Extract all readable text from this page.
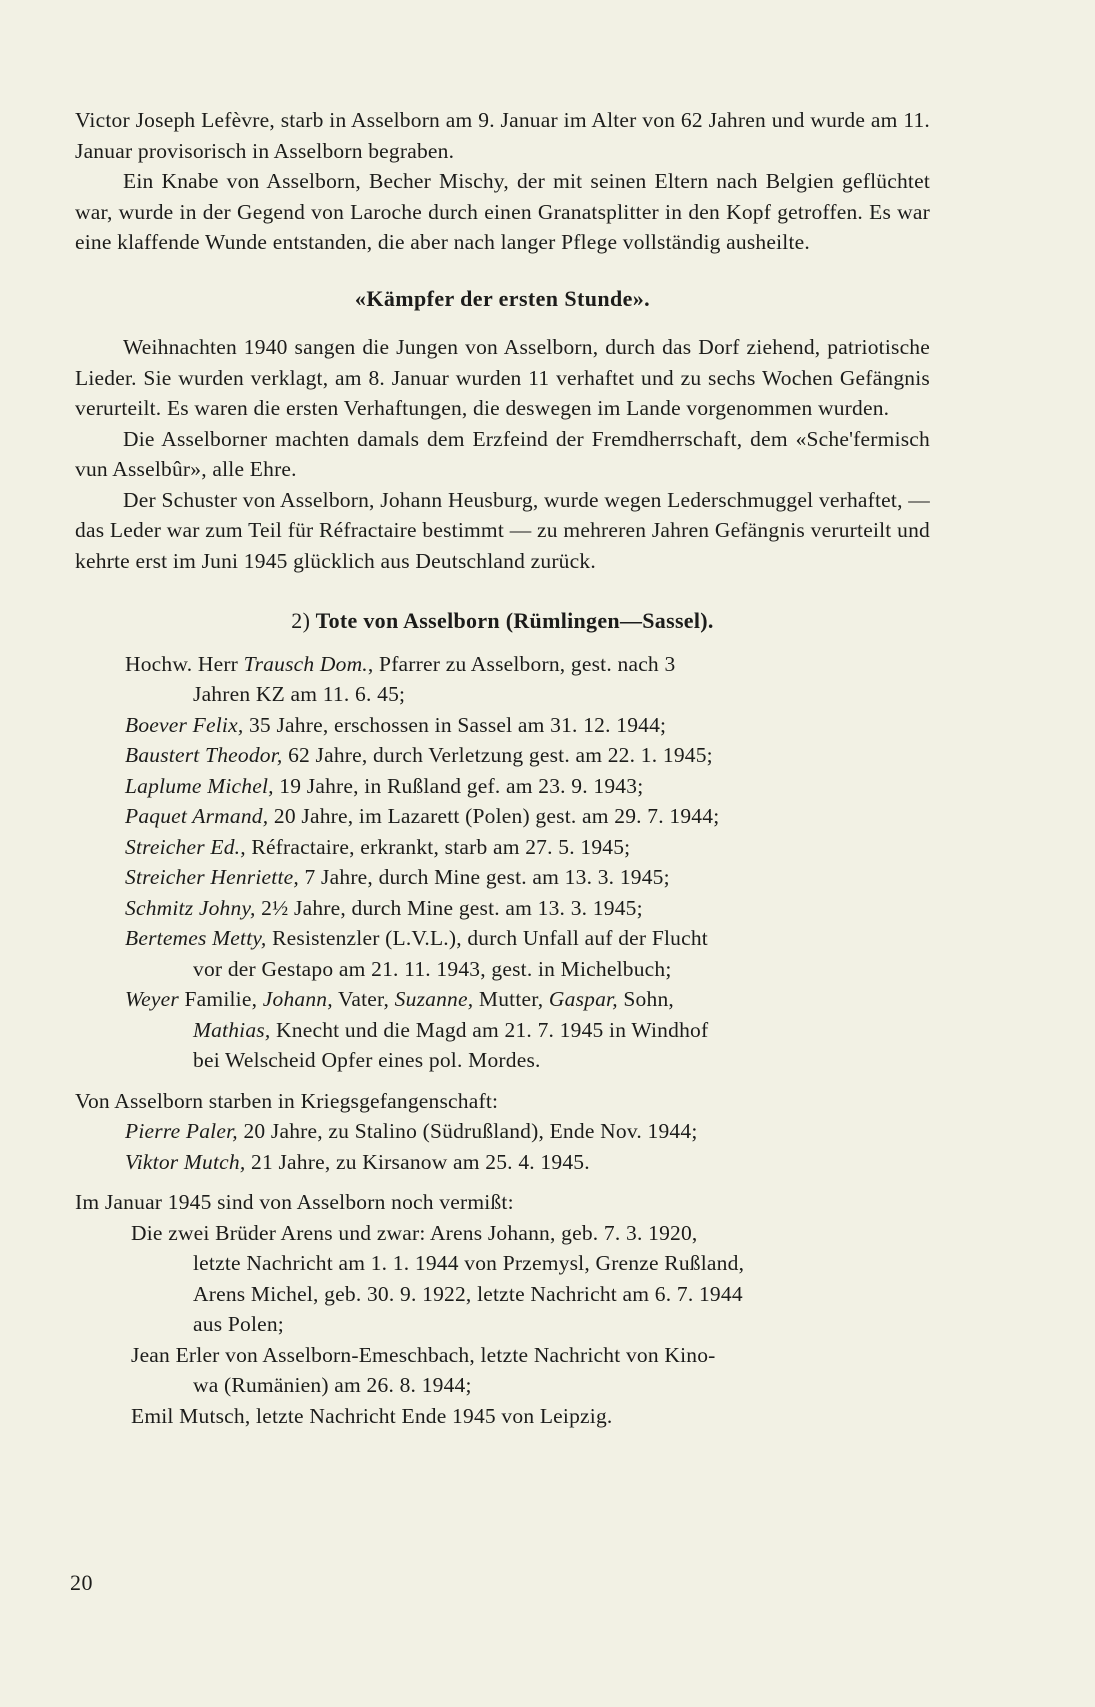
Victor Joseph Lefèvre, starb in Asselborn am 9. Januar im Alter von 62 Jahren und wurde am 11. Januar provisorisch in Asselborn begraben.

Ein Knabe von Asselborn, Becher Mischy, der mit seinen Eltern nach Belgien geflüchtet war, wurde in der Gegend von Laroche durch einen Granatsplitter in den Kopf getroffen. Es war eine klaffende Wunde entstanden, die aber nach langer Pflege vollständig ausheilte.

«Kämpfer der ersten Stunde».

Weihnachten 1940 sangen die Jungen von Asselborn, durch das Dorf ziehend, patriotische Lieder. Sie wurden verklagt, am 8. Januar wurden 11 verhaftet und zu sechs Wochen Gefängnis verurteilt. Es waren die ersten Verhaftungen, die deswegen im Lande vorgenommen wurden.

Die Asselborner machten damals dem Erzfeind der Fremdherrschaft, dem «Sche'fermisch vun Asselbûr», alle Ehre.

Der Schuster von Asselborn, Johann Heusburg, wurde wegen Lederschmuggel verhaftet, — das Leder war zum Teil für Réfractaire bestimmt — zu mehreren Jahren Gefängnis verurteilt und kehrte erst im Juni 1945 glücklich aus Deutschland zurück.

2) Tote von Asselborn (Rümlingen—Sassel).

Hochw. Herr Trausch Dom., Pfarrer zu Asselborn, gest. nach 3
Jahren KZ am 11. 6. 45;

Boever Felix, 35 Jahre, erschossen in Sassel am 31. 12. 1944;

Baustert Theodor, 62 Jahre, durch Verletzung gest. am 22. 1. 1945;

Laplume Michel, 19 Jahre, in Rußland gef. am 23. 9. 1943;

Paquet Armand, 20 Jahre, im Lazarett (Polen) gest. am 29. 7. 1944;

Streicher Ed., Réfractaire, erkrankt, starb am 27. 5. 1945;

Streicher Henriette, 7 Jahre, durch Mine gest. am 13. 3. 1945;

Schmitz Johny, 2½ Jahre, durch Mine gest. am 13. 3. 1945;

Bertemes Metty, Resistenzler (L.V.L.), durch Unfall auf der Flucht
vor der Gestapo am 21. 11. 1943, gest. in Michelbuch;

Weyer Familie, Johann, Vater, Suzanne, Mutter, Gaspar, Sohn,
Mathias, Knecht und die Magd am 21. 7. 1945 in Windhof
bei Welscheid Opfer eines pol. Mordes.

Von Asselborn starben in Kriegsgefangenschaft:

Pierre Paler, 20 Jahre, zu Stalino (Südrußland), Ende Nov. 1944;

Viktor Mutch, 21 Jahre, zu Kirsanow am 25. 4. 1945.

Im Januar 1945 sind von Asselborn noch vermißt:

Die zwei Brüder Arens und zwar: Arens Johann, geb. 7. 3. 1920,
letzte Nachricht am 1. 1. 1944 von Przemysl, Grenze Rußland,
Arens Michel, geb. 30. 9. 1922, letzte Nachricht am 6. 7. 1944
aus Polen;

Jean Erler von Asselborn-Emeschbach, letzte Nachricht von Kino-
wa (Rumänien) am 26. 8. 1944;

Emil Mutsch, letzte Nachricht Ende 1945 von Leipzig.

20
